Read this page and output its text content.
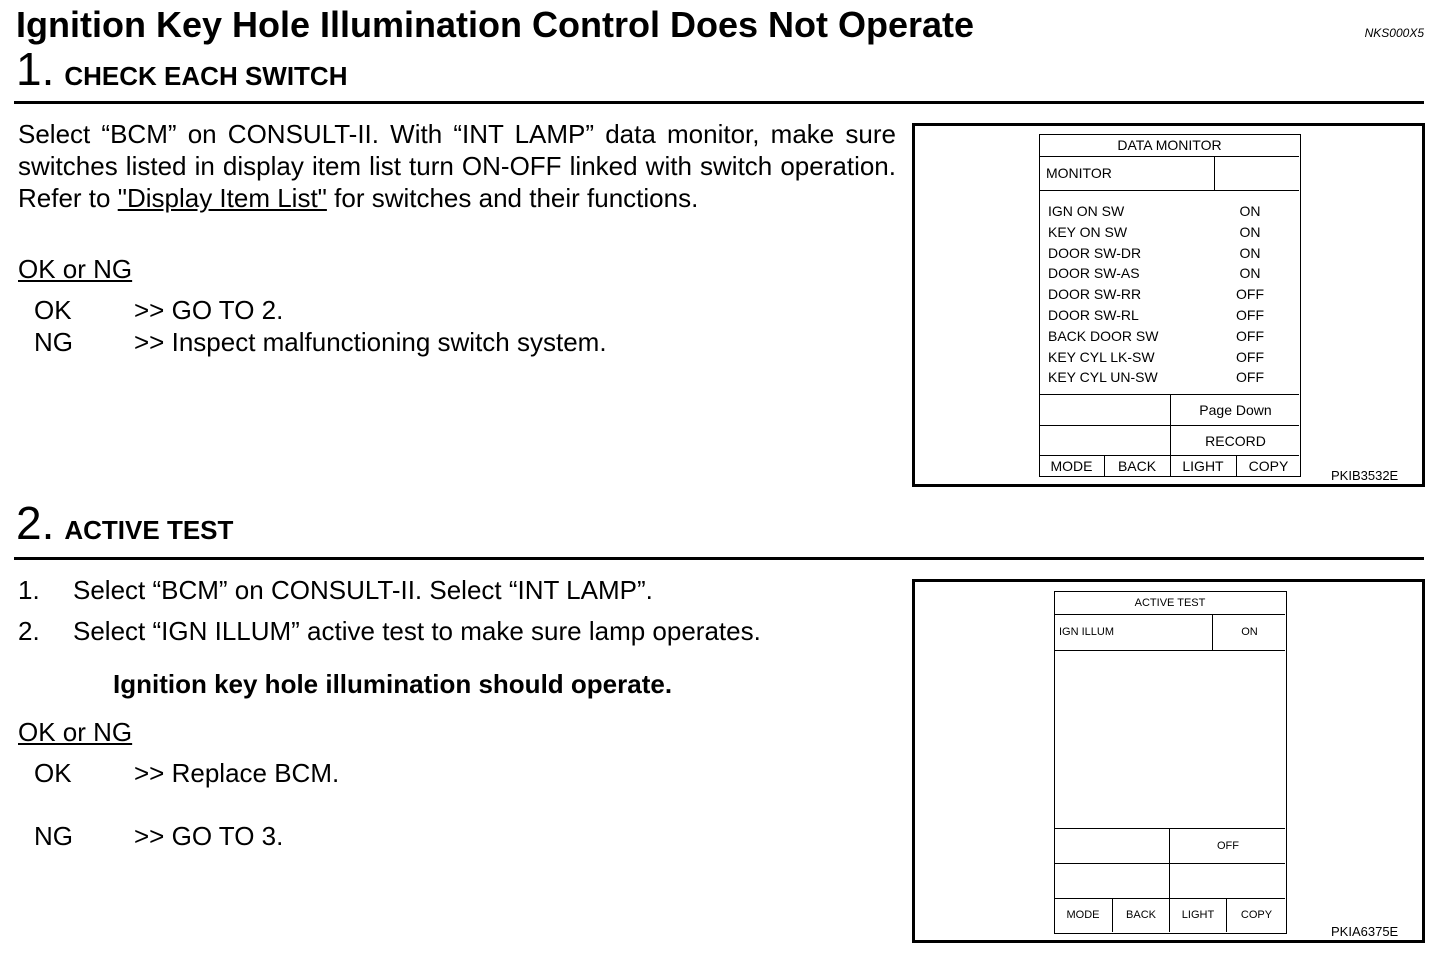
Ignition Key Hole Illumination Control Does Not Operate	NKS000X5
1. CHECK EACH SWITCH
Select “BCM” on CONSULT-II. With “INT LAMP” data monitor, make sure switches listed in display item list turn ON-OFF linked with switch operation. Refer to "Display Item List" for switches and their functions.
OK or NG
OK	>> GO TO 2.
NG	>> Inspect malfunctioning switch system.
DATA MONITOR
MONITOR
IGN ON SW	ON
KEY ON SW	ON
DOOR SW-DR	ON
DOOR SW-AS	ON
DOOR SW-RR	OFF
DOOR SW-RL	OFF
BACK DOOR SW	OFF
KEY CYL LK-SW	OFF
KEY CYL UN-SW	OFF
Page Down
RECORD
MODE	BACK	LIGHT	COPY
PKIB3532E
2. ACTIVE TEST
1.	Select “BCM” on CONSULT-II. Select “INT LAMP”.
2.	Select “IGN ILLUM” active test to make sure lamp operates.
Ignition key hole illumination should operate.
OK or NG
OK	>> Replace BCM.
NG	>> GO TO 3.
ACTIVE TEST
IGN ILLUM	ON
OFF
MODE	BACK	LIGHT	COPY
PKIA6375E
